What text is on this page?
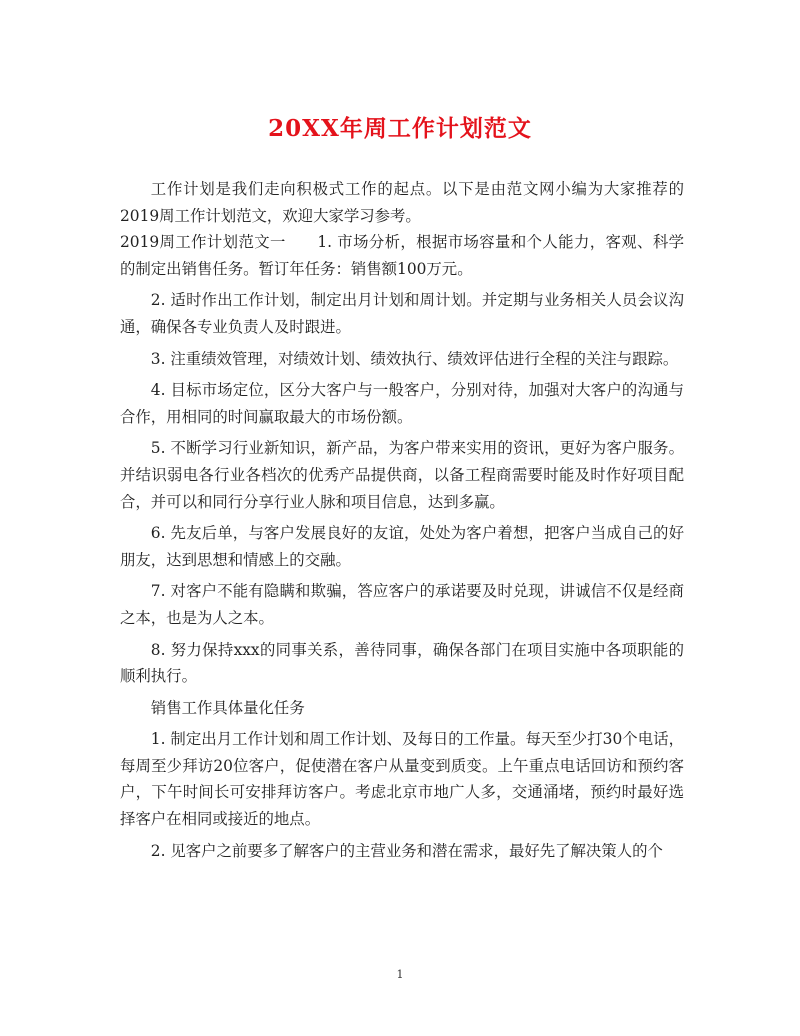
20XX年周工作计划范文

工作计划是我们走向积极式工作的起点。以下是由范文网小编为大家推荐的2019周工作计划范文，欢迎大家学习参考。

2019周工作计划范文一　　1. 市场分析，根据市场容量和个人能力，客观、科学的制定出销售任务。暂订年任务：销售额100万元。

2. 适时作出工作计划，制定出月计划和周计划。并定期与业务相关人员会议沟通，确保各专业负责人及时跟进。

3. 注重绩效管理，对绩效计划、绩效执行、绩效评估进行全程的关注与跟踪。

4. 目标市场定位，区分大客户与一般客户，分别对待，加强对大客户的沟通与合作，用相同的时间赢取最大的市场份额。

5. 不断学习行业新知识，新产品，为客户带来实用的资讯，更好为客户服务。并结识弱电各行业各档次的优秀产品提供商，以备工程商需要时能及时作好项目配合，并可以和同行分享行业人脉和项目信息，达到多赢。

6. 先友后单，与客户发展良好的友谊，处处为客户着想，把客户当成自己的好朋友，达到思想和情感上的交融。

7. 对客户不能有隐瞒和欺骗，答应客户的承诺要及时兑现，讲诚信不仅是经商之本，也是为人之本。

8. 努力保持xxx的同事关系，善待同事，确保各部门在项目实施中各项职能的顺利执行。

销售工作具体量化任务

1. 制定出月工作计划和周工作计划、及每日的工作量。每天至少打30个电话，每周至少拜访20位客户，促使潜在客户从量变到质变。上午重点电话回访和预约客户，下午时间长可安排拜访客户。考虑北京市地广人多，交通涌堵，预约时最好选择客户在相同或接近的地点。

2. 见客户之前要多了解客户的主营业务和潜在需求，最好先了解决策人的个

1
